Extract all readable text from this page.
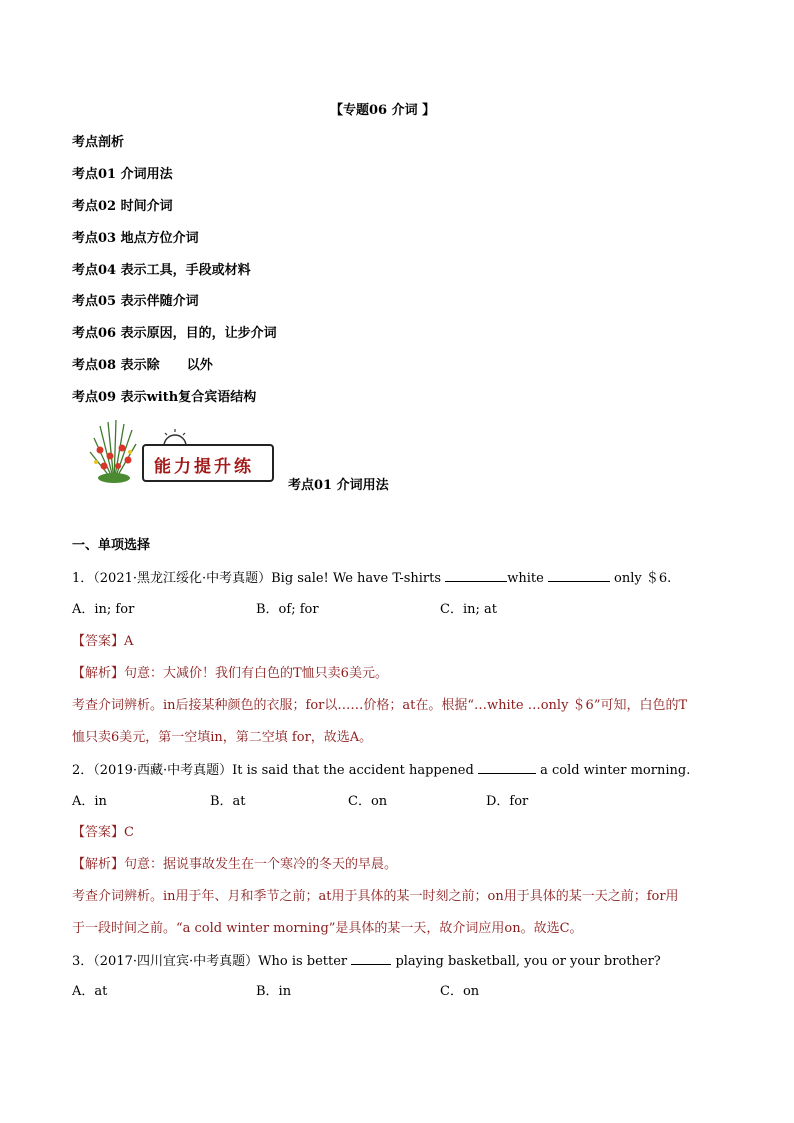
【专题06 介词 】
考点剖析
考点01 介词用法
考点02 时间介词
考点03 地点方位介词
考点04 表示工具，手段或材料
考点05 表示伴随介词
考点06 表示原因，目的，让步介词
考点08 表示除      以外
考点09 表示with复合宾语结构
能力提升练
考点01 介词用法
一、单项选择
1．（2021·黑龙江绥化·中考真题）Big sale! We have T-shirts	white	only ＄6.
A．in; for	B．of; for	C．in; at
【答案】A
【解析】句意：大减价！我们有白色的T恤只卖6美元。
考查介词辨析。in后接某种颜色的衣服；for以……价格；at在。根据“…white …only ＄6”可知，白色的T
恤只卖6美元，第一空填in，第二空填 for，故选A。
2．（2019·西藏·中考真题）It is said that the accident happened	a cold winter morning.
A．in	B．at	C．on	D．for
【答案】C
【解析】句意：据说事故发生在一个寒冷的冬天的早晨。
考查介词辨析。in用于年、月和季节之前；at用于具体的某一时刻之前；on用于具体的某一天之前；for用
于一段时间之前。“a cold winter morning”是具体的某一天，故介词应用on。故选C。
3．（2017·四川宜宾·中考真题）Who is better	playing basketball, you or your brother?
A．at	B．in	C．on
